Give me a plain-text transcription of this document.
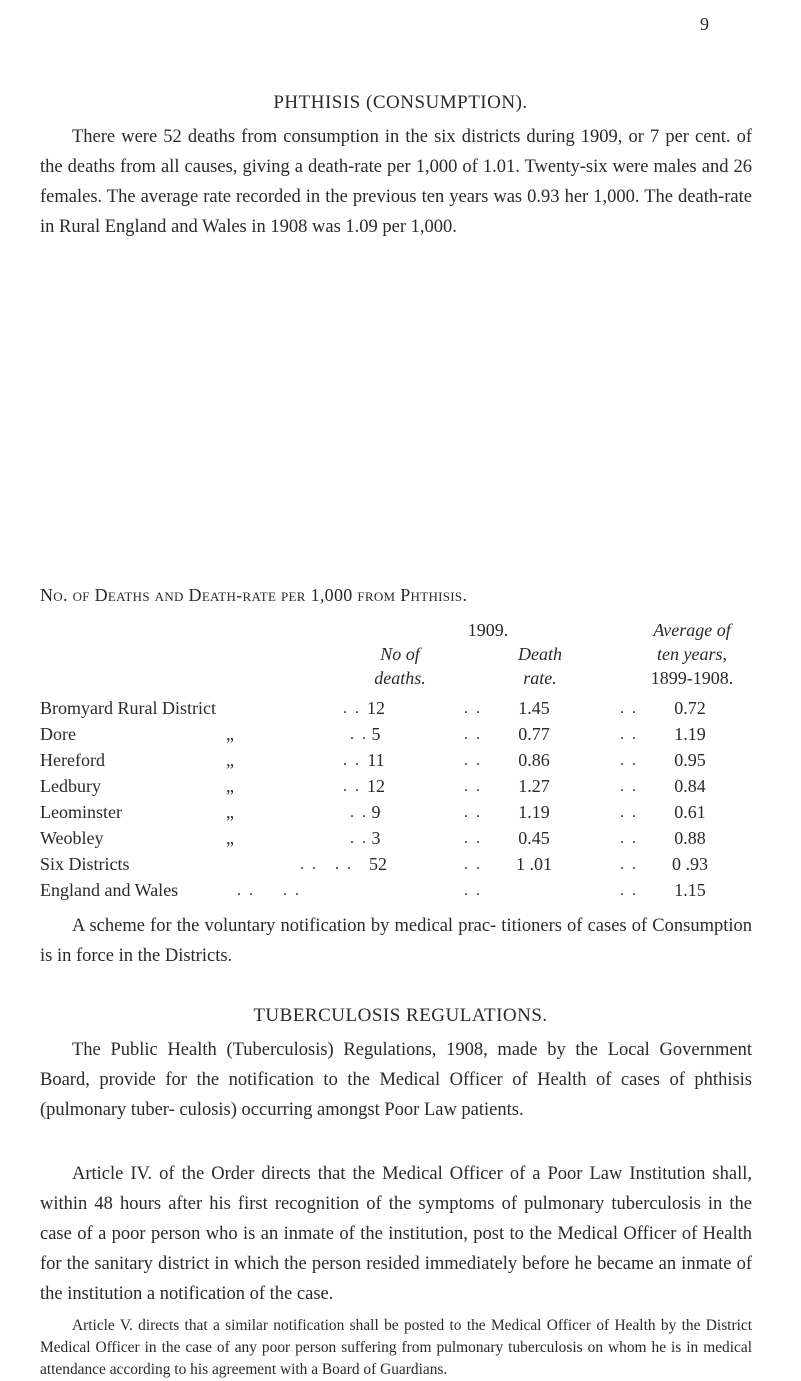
9
PHTHISIS (CONSUMPTION).
There were 52 deaths from consumption in the six districts during 1909, or 7 per cent. of the deaths from all causes, giving a death-rate per 1,000 of 1.01. Twenty-six were males and 26 females. The average rate recorded in the previous ten years was 0.93 her 1,000. The death-rate in Rural England and Wales in 1908 was 1.09 per 1,000.
No. of Deaths and Death-rate per 1,000 from Phthisis.
1909.
No of
deaths.
Death
rate.
Average of
ten years,
1899-1908.
Bromyard Rural District	. . 12	. . 1.45	. . 0.72
Dore	„	. . 5	. . 0.77	. . 1.19
Hereford	„	. . 11	. . 0.86	. . 0.95
Ledbury	„	. . 12	. . 1.27	. . 0.84
Leominster	„	. . 9	. . 1.19	. . 0.61
Weobley	„	. . 3	. . 0.45	. . 0.88
Six Districts	. . . . 52	. . 1 .01	. . 0 .93
England and Wales	. . . .	. .	. . 1.15
A scheme for the voluntary notification by medical prac- titioners of cases of Consumption is in force in the Districts.
TUBERCULOSIS REGULATIONS.
The Public Health (Tuberculosis) Regulations, 1908, made by the Local Government Board, provide for the notification to the Medical Officer of Health of cases of phthisis (pulmonary tuber- culosis) occurring amongst Poor Law patients.
Article IV. of the Order directs that the Medical Officer of a Poor Law Institution shall, within 48 hours after his first recognition of the symptoms of pulmonary tuberculosis in the case of a poor person who is an inmate of the institution, post to the Medical Officer of Health for the sanitary district in which the person resided immediately before he became an inmate of the institution a notification of the case.
Article V. directs that a similar notification shall be posted to the Medical Officer of Health by the District Medical Officer in the case of any poor person suffering from pulmonary tuberculosis on whom he is in medical attendance according to his agreement with a Board of Guardians.
